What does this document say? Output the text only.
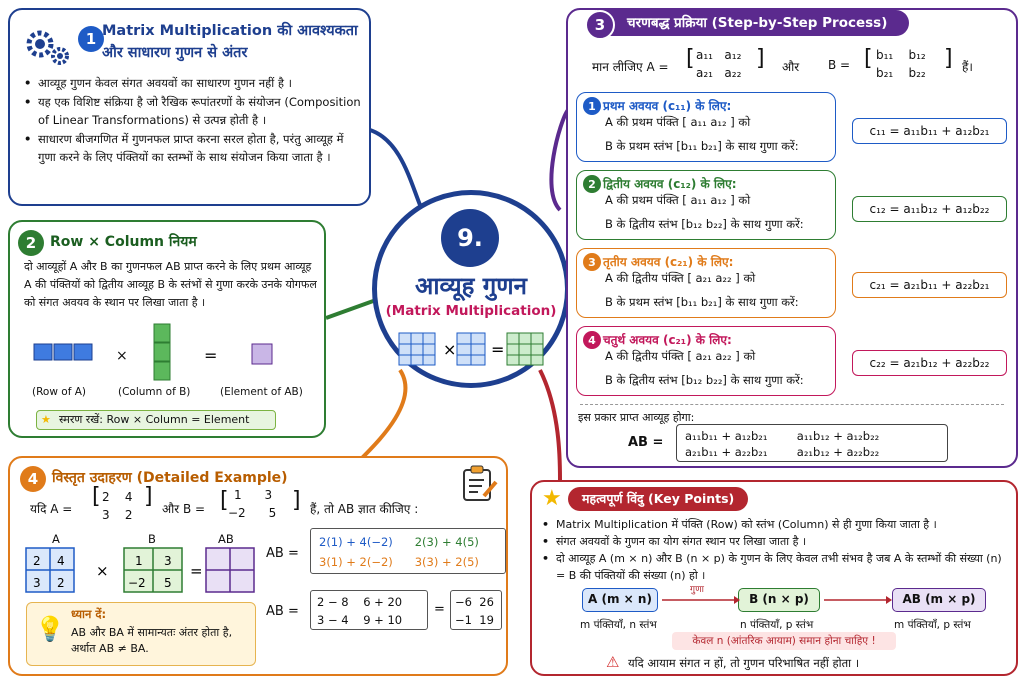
1 Matrix Multiplication की आवश्यकता और साधारण गुणन से अंतर
• आव्यूह गुणन केवल संगत अवयवों का साधारण गुणन नहीं है ।
• यह एक विशिष्ट संक्रिया है जो रैखिक रूपांतरणों के संयोजन (Composition of Linear Transformations) से उत्पन्न होती है ।
• साधारण बीजगणित में गुणनफल प्राप्त करना सरल होता है, परंतु आव्यूह में गुणा करने के लिए पंक्तियों का स्तम्भों के साथ संयोजन किया जाता है ।
2 Row × Column नियम
दो आव्यूहों A और B का गुणनफल AB प्राप्त करने के लिए प्रथम आव्यूह A की पंक्तियों को द्वितीय आव्यूह B के स्तंभों से गुणा करके उनके योगफल को संगत अवयव के स्थान पर लिखा जाता है ।
×	=
(Row of A)	(Column of B)	(Element of AB)
★ स्मरण रखें: Row × Column = Element
9.
आव्यूह गुणन
(Matrix Multiplication)
× =
चरणबद्ध प्रक्रिया (Step-by-Step Process)
3
मान लीजिए A = [ a₁₁   a₁₂
a₂₁   a₂₂
] और B = [ b₁₁    b₁₂
b₂₁    b₂₂
] हैं।
1 प्रथम अवयव (c₁₁) के लिए:
A की प्रथम पंक्ति [ a₁₁ a₁₂ ] को
B के प्रथम स्तंभ [b₁₁ b₂₁] के साथ गुणा करें:
c₁₁ = a₁₁b₁₁ + a₁₂b₂₁
2 द्वितीय अवयव (c₁₂) के लिए:
A की प्रथम पंक्ति [ a₁₁ a₁₂ ] को
B के द्वितीय स्तंभ [b₁₂ b₂₂] के साथ गुणा करें:
c₁₂ = a₁₁b₁₂ + a₁₂b₂₂
3 तृतीय अवयव (c₂₁) के लिए:
A की द्वितीय पंक्ति [ a₂₁ a₂₂ ] को
B के प्रथम स्तंभ [b₁₁ b₂₁] के साथ गुणा करें:
c₂₁ = a₂₁b₁₁ + a₂₂b₂₁
4 चतुर्थ अवयव (c₂₁) के लिए:
A की द्वितीय पंक्ति [ a₂₁ a₂₂ ] को
B के द्वितीय स्तंभ [b₁₂ b₂₂] के साथ गुणा करें:
c₂₂ = a₂₁b₁₂ + a₂₂b₂₂
इस प्रकार प्राप्त आव्यूह होगा:
AB = a₁₁b₁₁ + a₁₂b₂₁        a₁₁b₁₂ + a₁₂b₂₂
a₂₁b₁₁ + a₂₂b₂₁        a₂₁b₁₂ + a₂₂b₂₂
4 विस्तृत उदाहरण (Detailed Example)
यदि A = [ 2    4
3    2
] और B = [ 1      3
−2      5 ] हैं, तो AB ज्ञात कीजिए :
A	B	AB
2 4
3 2
×
1 3
−2 5
=
AB =
2(1) + 4(−2) 2(3) + 4(5)
3(1) + 2(−2) 3(3) + 2(5)
AB =
2 − 8    6 + 20
3 − 4    9 + 10
= −6  26
−1  19
💡
ध्यान दें:
AB और BA में सामान्यतः अंतर होता है, अर्थात AB ≠ BA.
• Matrix Multiplication में पंक्ति (Row) को स्तंभ (Column) से ही गुणा किया जाता है ।
• संगत अवयवों के गुणन का योग संगत स्थान पर लिखा जाता है ।
• दो आव्यूह A (m × n) और B (n × p) के गुणन के लिए केवल तभी संभव है जब A के स्तम्भों की संख्या (n) = B की पंक्तियों की संख्या (n) हो ।
A (m × n)	B (n × p)	AB (m × p)
गुणा
m पंक्तियाँ, n स्तंभ	n पंक्तियाँ, p स्तंभ	m पंक्तियाँ, p स्तंभ
केवल n (आंतरिक आयाम) समान होना चाहिए !
⚠ यदि आयाम संगत न हों, तो गुणन परिभाषित नहीं होता ।
महत्वपूर्ण विंदु (Key Points)
★
